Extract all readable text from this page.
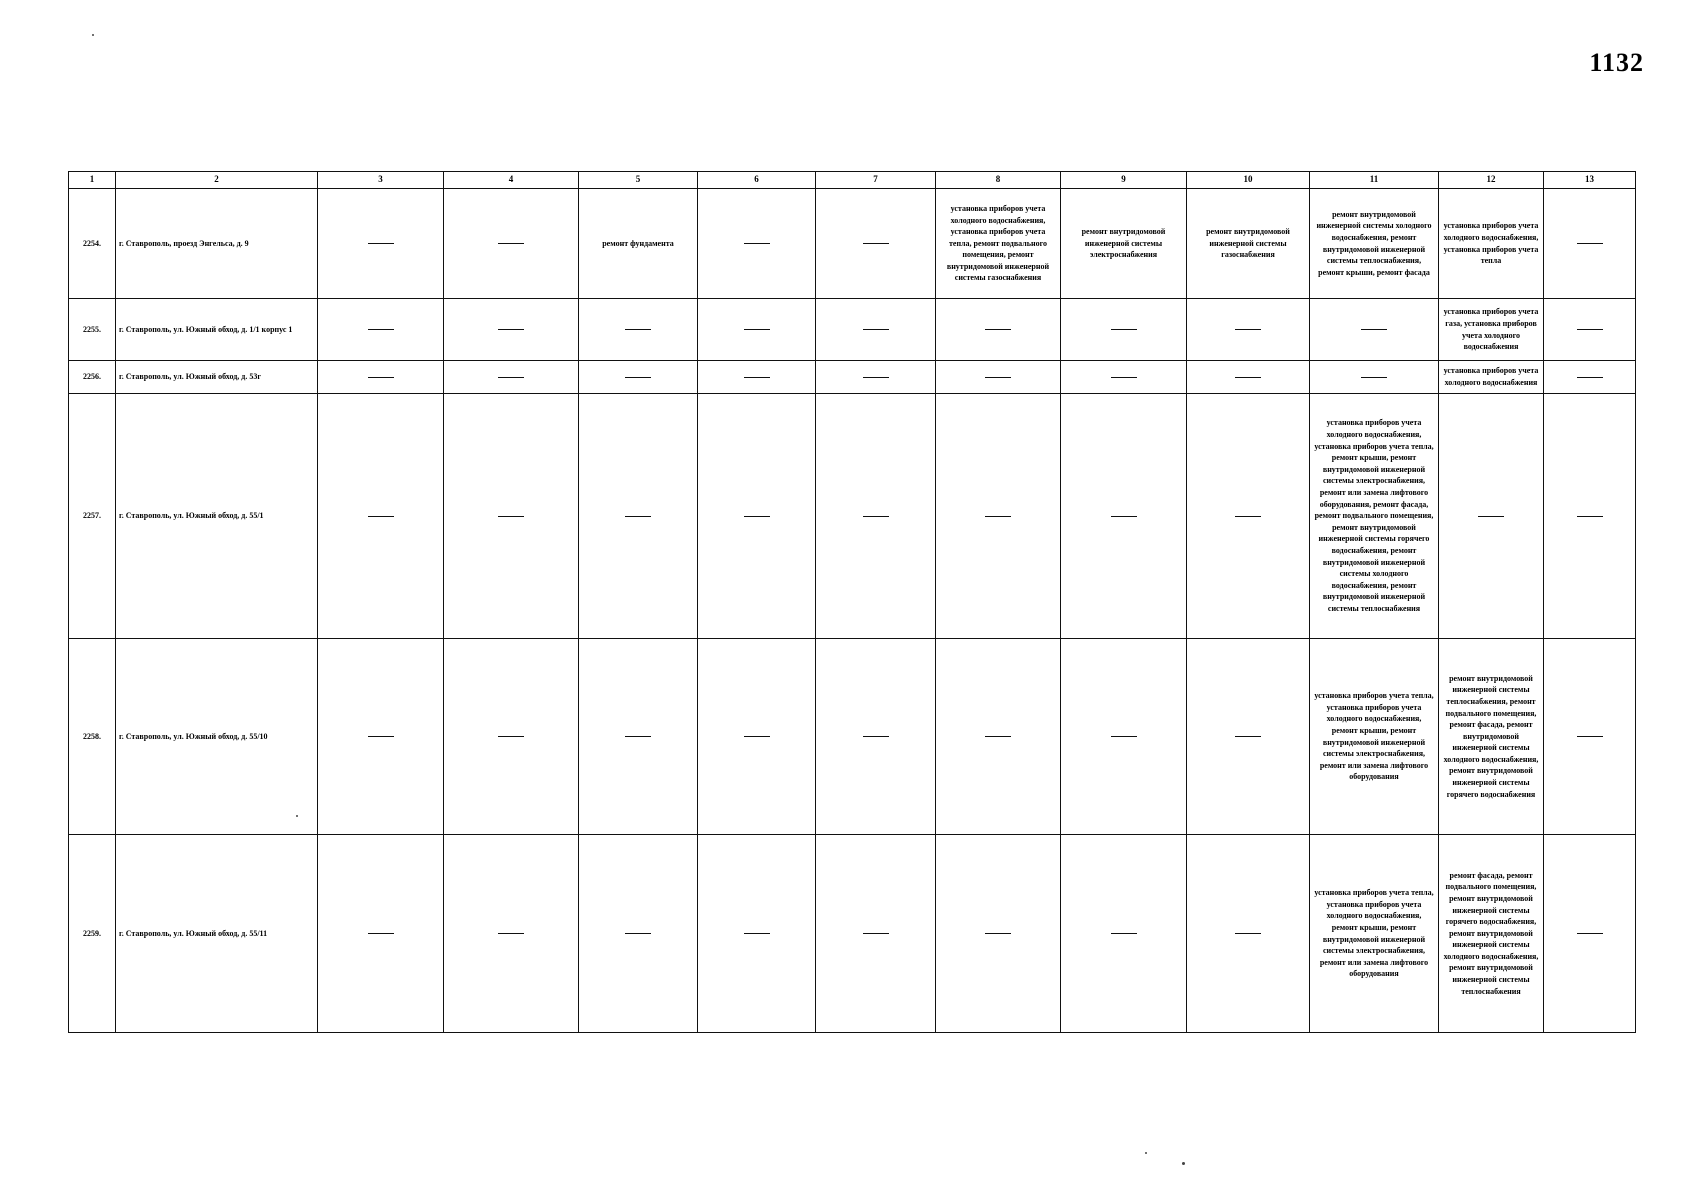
1132
1	2	3	4	5	6	7	8	9	10	11	12	13
2254.	г. Ставрополь, проезд Энгельса, д. 9			ремонт фундамента			установка приборов учета холодного водоснабжения, установка приборов учета тепла, ремонт подвального помещения, ремонт внутридомовой инженерной системы газоснабжения	ремонт внутридомовой инженерной системы электроснабжения	ремонт внутридомовой инженерной системы газоснабжения	ремонт внутридомовой инженерной системы холодного водоснабжения, ремонт внутридомовой инженерной системы теплоснабжения, ремонт крыши, ремонт фасада	установка приборов учета холодного водоснабжения, установка приборов учета тепла	
2255.	г. Ставрополь, ул. Южный обход, д. 1/1 корпус 1										установка приборов учета газа, установка приборов учета холодного водоснабжения	
2256.	г. Ставрополь, ул. Южный обход, д. 53г										установка приборов учета холодного водоснабжения	
2257.	г. Ставрополь, ул. Южный обход, д. 55/1									установка приборов учета холодного водоснабжения, установка приборов учета тепла, ремонт крыши, ремонт внутридомовой инженерной системы электроснабжения, ремонт или замена лифтового оборудования, ремонт фасада, ремонт подвального помещения, ремонт внутридомовой инженерной системы горячего водоснабжения, ремонт внутридомовой инженерной системы холодного водоснабжения, ремонт внутридомовой инженерной системы теплоснабжения		
2258.	г. Ставрополь, ул. Южный обход, д. 55/10									установка приборов учета тепла, установка приборов учета холодного водоснабжения, ремонт крыши, ремонт внутридомовой инженерной системы электроснабжения, ремонт или замена лифтового оборудования	ремонт внутридомовой инженерной системы теплоснабжения, ремонт подвального помещения, ремонт фасада, ремонт внутридомовой инженерной системы холодного водоснабжения, ремонт внутридомовой инженерной системы горячего водоснабжения	
2259.	г. Ставрополь, ул. Южный обход, д. 55/11									установка приборов учета тепла, установка приборов учета холодного водоснабжения, ремонт крыши, ремонт внутридомовой инженерной системы электроснабжения, ремонт или замена лифтового оборудования	ремонт фасада, ремонт подвального помещения, ремонт внутридомовой инженерной системы горячего водоснабжения, ремонт внутридомовой инженерной системы холодного водоснабжения, ремонт внутридомовой инженерной системы теплоснабжения	
